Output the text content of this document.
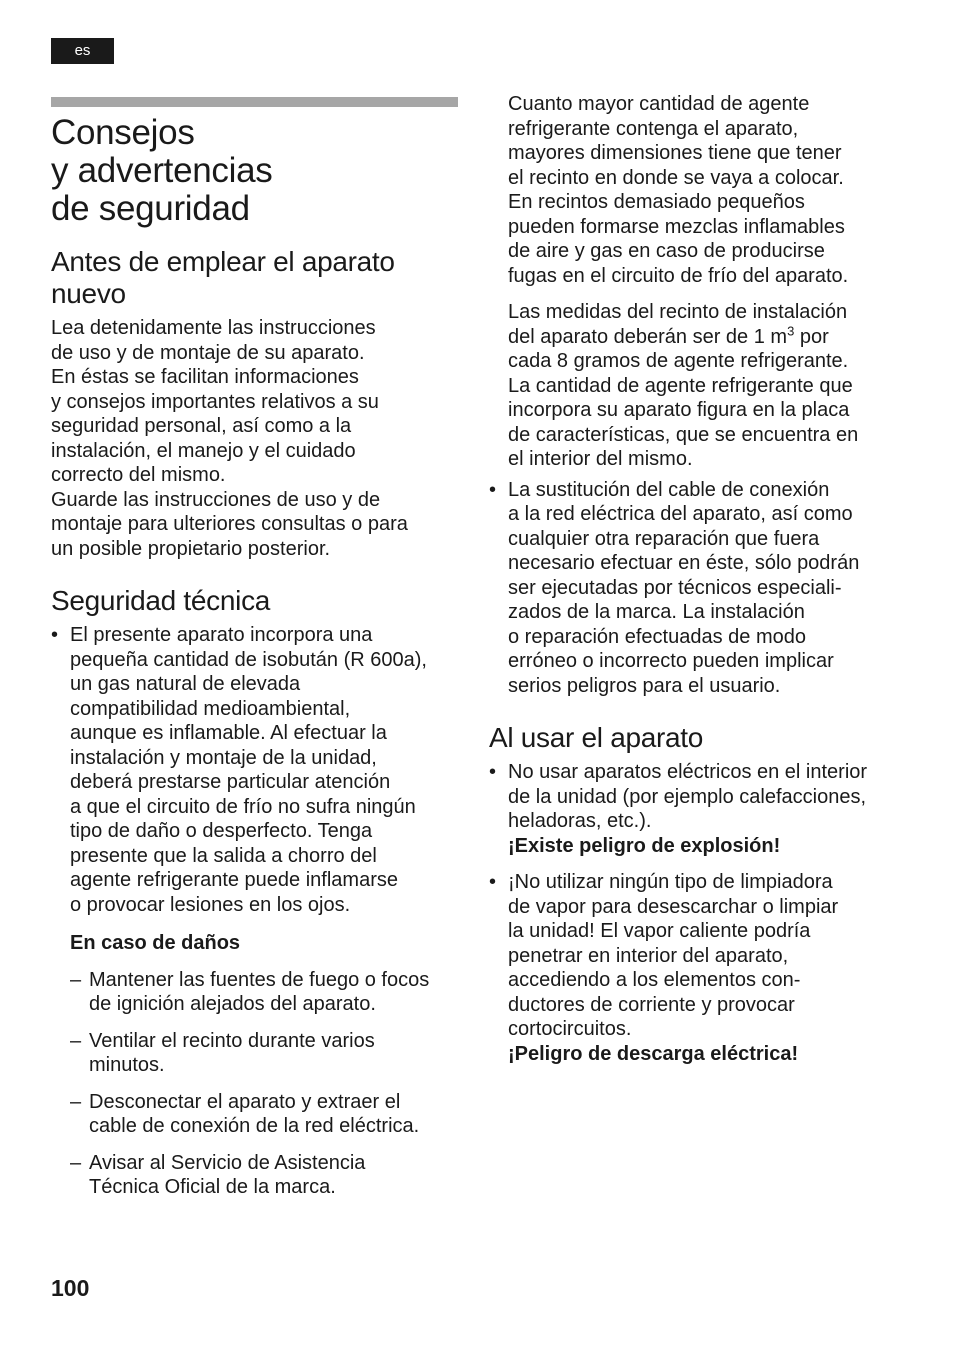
es
Consejos
y advertencias
de seguridad
Antes de emplear el aparato
nuevo

Lea detenidamente las instrucciones
de uso y de montaje de su aparato.
En éstas se facilitan informaciones
y consejos importantes relativos a su
seguridad personal, así como a la
instalación, el manejo y el cuidado
correcto del mismo.
Guarde las instrucciones de uso y de
montaje para ulteriores consultas o para
un posible propietario posterior.

Seguridad técnica
• El presente aparato incorpora una
pequeña cantidad de isobután (R 600a),
un gas natural de elevada
compatibilidad medioambiental,
aunque es inflamable. Al efectuar la
instalación y montaje de la unidad,
deberá prestarse particular atención
a que el circuito de frío no sufra ningún
tipo de daño o desperfecto. Tenga
presente que la salida a chorro del
agente refrigerante puede inflamarse
o provocar lesiones en los ojos.
En caso de daños
– Mantener las fuentes de fuego o focos
de ignición alejados del aparato.
– Ventilar el recinto durante varios
minutos.
– Desconectar el aparato y extraer el
cable de conexión de la red eléctrica.
– Avisar al Servicio de Asistencia
Técnica Oficial de la marca.

Cuanto mayor cantidad de agente
refrigerante contenga el aparato,
mayores dimensiones tiene que tener
el recinto en donde se vaya a colocar.
En recintos demasiado pequeños
pueden formarse mezclas inflamables
de aire y gas en caso de producirse
fugas en el circuito de frío del aparato.

Las medidas del recinto de instalación
del aparato deberán ser de 1 $m^3$ por
cada 8 gramos de agente refrigerante.
La cantidad de agente refrigerante que
incorpora su aparato figura en la placa
de características, que se encuentra en
el interior del mismo.

• La sustitución del cable de conexión
a la red eléctrica del aparato, así como
cualquier otra reparación que fuera
necesario efectuar en éste, sólo podrán
ser ejecutadas por técnicos especiali-
zados de la marca. La instalación
o reparación efectuadas de modo
erróneo o incorrecto pueden implicar
serios peligros para el usuario.
Al usar el aparato
• No usar aparatos eléctricos en el interior
de la unidad (por ejemplo calefacciones,
heladoras, etc.).
¡Existe peligro de explosión!
• ¡No utilizar ningún tipo de limpiadora
de vapor para desescarchar o limpiar
la unidad! El vapor caliente podría
penetrar en interior del aparato,
accediendo a los elementos con-
ductores de corriente y provocar
cortocircuitos.
¡Peligro de descarga eléctrica!
100
